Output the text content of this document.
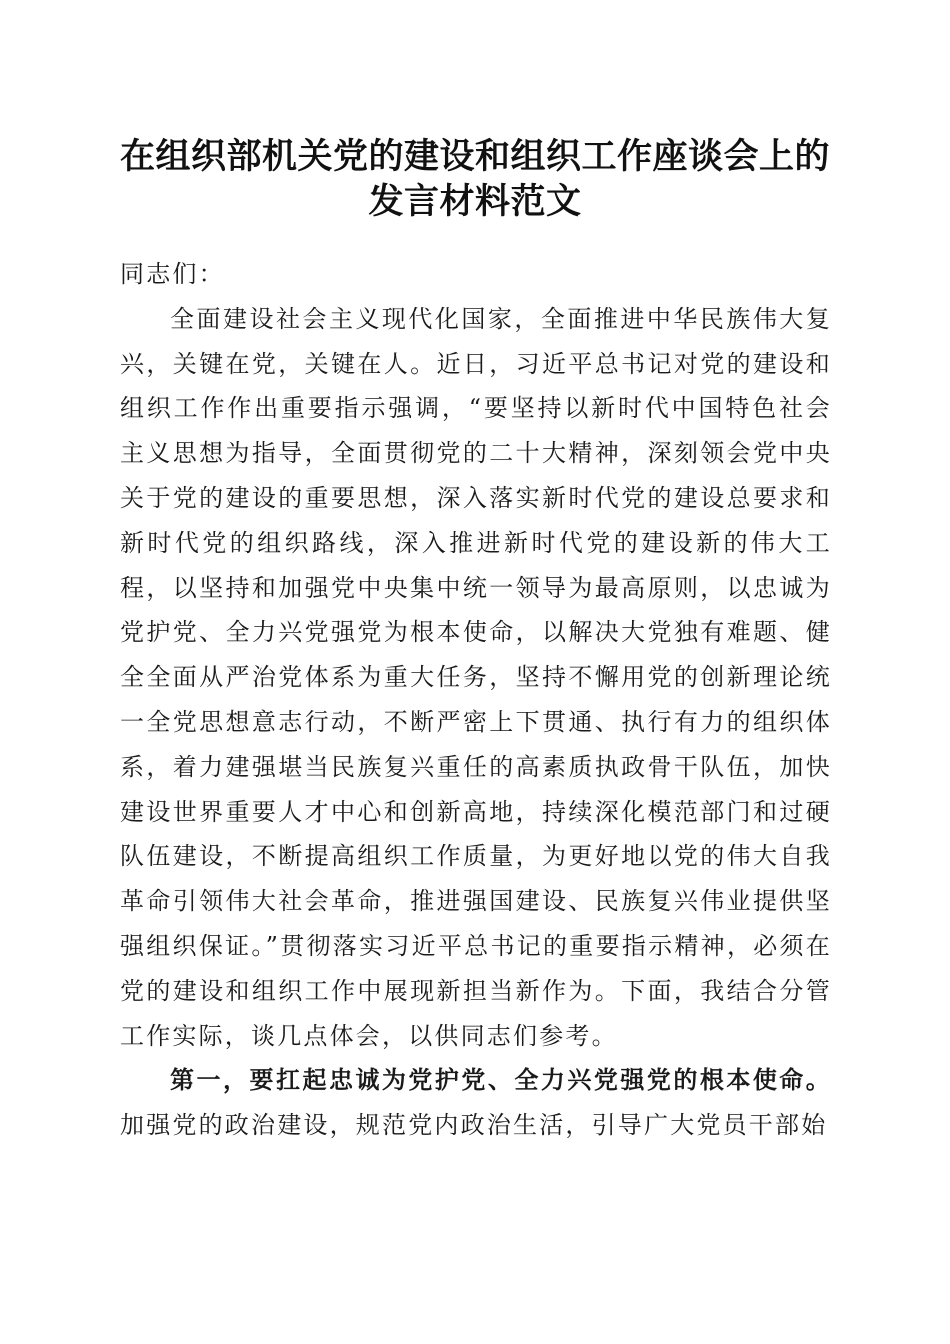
在组织部机关党的建设和组织工作座谈会上的
发言材料范文

同志们：

全面建设社会主义现代化国家，全面推进中华民族伟大复兴，关键在党，关键在人。近日，习近平总书记对党的建设和组织工作作出重要指示强调，“要坚持以新时代中国特色社会主义思想为指导，全面贯彻党的二十大精神，深刻领会党中央关于党的建设的重要思想，深入落实新时代党的建设总要求和新时代党的组织路线，深入推进新时代党的建设新的伟大工程，以坚持和加强党中央集中统一领导为最高原则，以忠诚为党护党、全力兴党强党为根本使命，以解决大党独有难题、健全全面从严治党体系为重大任务，坚持不懈用党的创新理论统一全党思想意志行动，不断严密上下贯通、执行有力的组织体系，着力建强堪当民族复兴重任的高素质执政骨干队伍，加快建设世界重要人才中心和创新高地，持续深化模范部门和过硬队伍建设，不断提高组织工作质量，为更好地以党的伟大自我革命引领伟大社会革命，推进强国建设、民族复兴伟业提供坚强组织保证。”贯彻落实习近平总书记的重要指示精神，必须在党的建设和组织工作中展现新担当新作为。下面，我结合分管工作实际，谈几点体会，以供同志们参考。

第一，要扛起忠诚为党护党、全力兴党强党的根本使命。加强党的政治建设，规范党内政治生活，引导广大党员干部始
